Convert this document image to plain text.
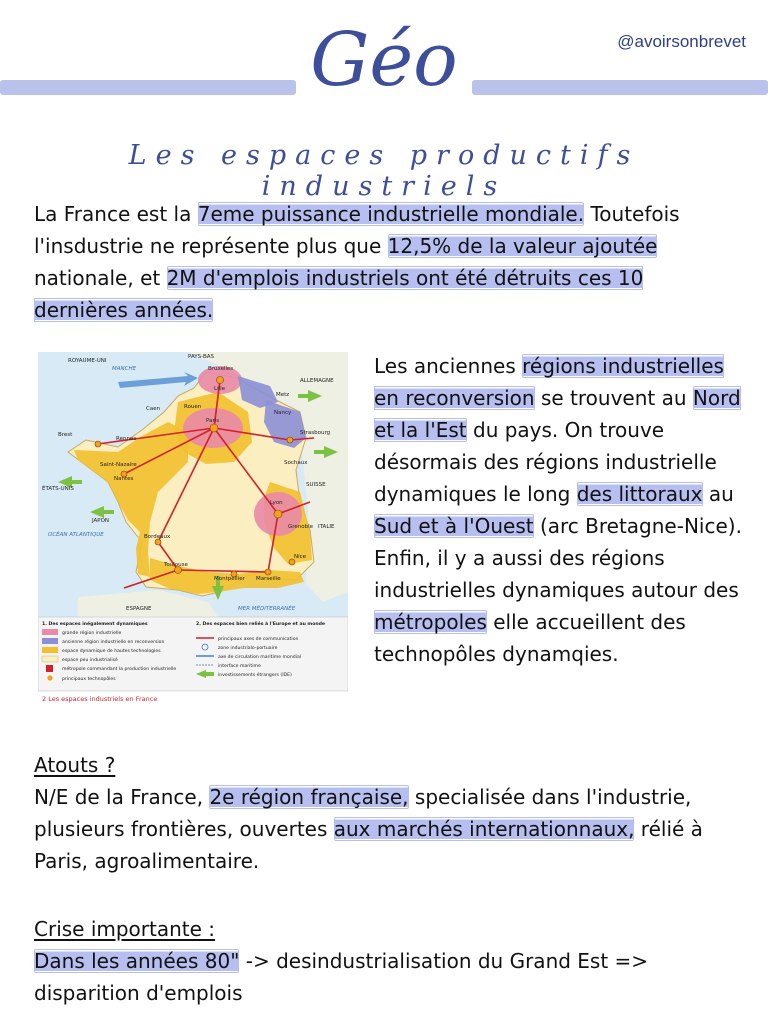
@avoirsonbrevet
Géo
Les espaces productifs industriels

La France est la 7eme puissance industrielle mondiale. Toutefois l'insdustrie ne représente plus que 12,5% de la valeur ajoutée nationale, et 2M d'emplois industriels ont été détruits ces 10 dernières années.

Bruxelles
Lille
Paris
Metz
Nancy
Strasbourg
Rouen
Caen
Rennes
Brest
Nantes
Saint-Nazaire
Lyon
Grenoble
Bordeaux
Toulouse
Montpellier Marseille
Nice
Sochaux
ÉTATS-UNIS
JAPON
OCÉAN ATLANTIQUE
MANCHE
MER MÉDITERRANÉE
ESPAGNE
ITALIE
SUISSE
ALLEMAGNE
PAYS-BAS
ROYAUME-UNI
1. Des espaces inégalement dynamiques
grande région industrielle
ancienne région industrielle en reconversion
espace dynamique de hautes technologies
espace peu industrialisé
métropole commandant la production industrielle
principaux technopôles
2. Des espaces bien reliés à l'Europe et au monde
principaux axes de communication
zone industrialo-portuaire
axe de circulation maritime mondial
interface maritime
investissements étrangers (IDE)
2 Les espaces industriels en France

Les anciennes régions industrielles en reconversion se trouvent au Nord et la l'Est du pays. On trouve désormais des régions industrielle dynamiques le long des littoraux au Sud et à l'Ouest (arc Bretagne-Nice). Enfin, il y a aussi des régions industrielles dynamiques autour des métropoles elle accueillent des technopôles dynamqies.

Atouts ?

N/E de la France, 2e région française, specialisée dans l'industrie, plusieurs frontières, ouvertes aux marchés internationnaux, rélié à Paris, agroalimentaire.

Crise importante :

Dans les années 80" -> desindustrialisation du Grand Est => disparition d'emplois
